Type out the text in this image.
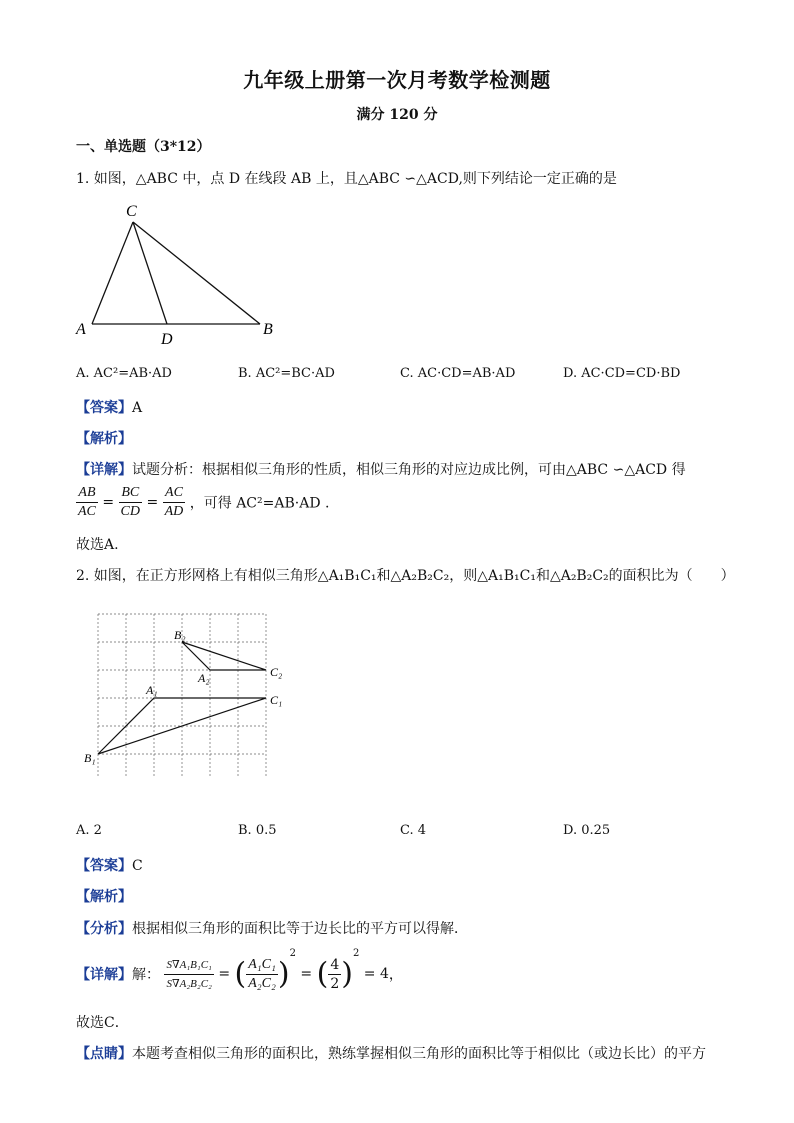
九年级上册第一次月考数学检测题
满分 120 分
一、单选题（3*12）
1. 如图，△ABC 中，点 D 在线段 AB 上，且△ABC ∽△ACD,则下列结论一定正确的是
C
A	B
D
A. AC²=AB·AD	B. AC²=BC·AD	C. AC·CD=AB·AD	D. AC·CD=CD·BD
【答案】A
【解析】
【详解】试题分析：根据相似三角形的性质，相似三角形的对应边成比例，可由△ABC ∽△ACD 得
$\frac{AB}{AC} = \frac{BC}{CD} = \frac{AC}{AD}$ ，可得 AC²=AB·AD .
故选A.
2. 如图，在正方形网格上有相似三角形△A₁B₁C₁和△A₂B₂C₂，则△A₁B₁C₁和△A₂B₂C₂的面积比为（　　）
B₂
A₂	C₂
A₁
C₁
B₁
A. 2	B. 0.5	C. 4	D. 0.25
【答案】C
【解析】
【分析】根据相似三角形的面积比等于边长比的平方可以得解．
【详解】解： $\frac{\text{S∇A₁B₁C₁}}{\text{S∇A₂B₂C₂}}$ = ( $\frac{\text{A₁C₁}}{\text{A₂C₂}} )^2$ = ( $\frac{4}{2} )^2 = 4$，
故选C．
【点睛】本题考查相似三角形的面积比，熟练掌握相似三角形的面积比等于相似比（或边长比）的平方
